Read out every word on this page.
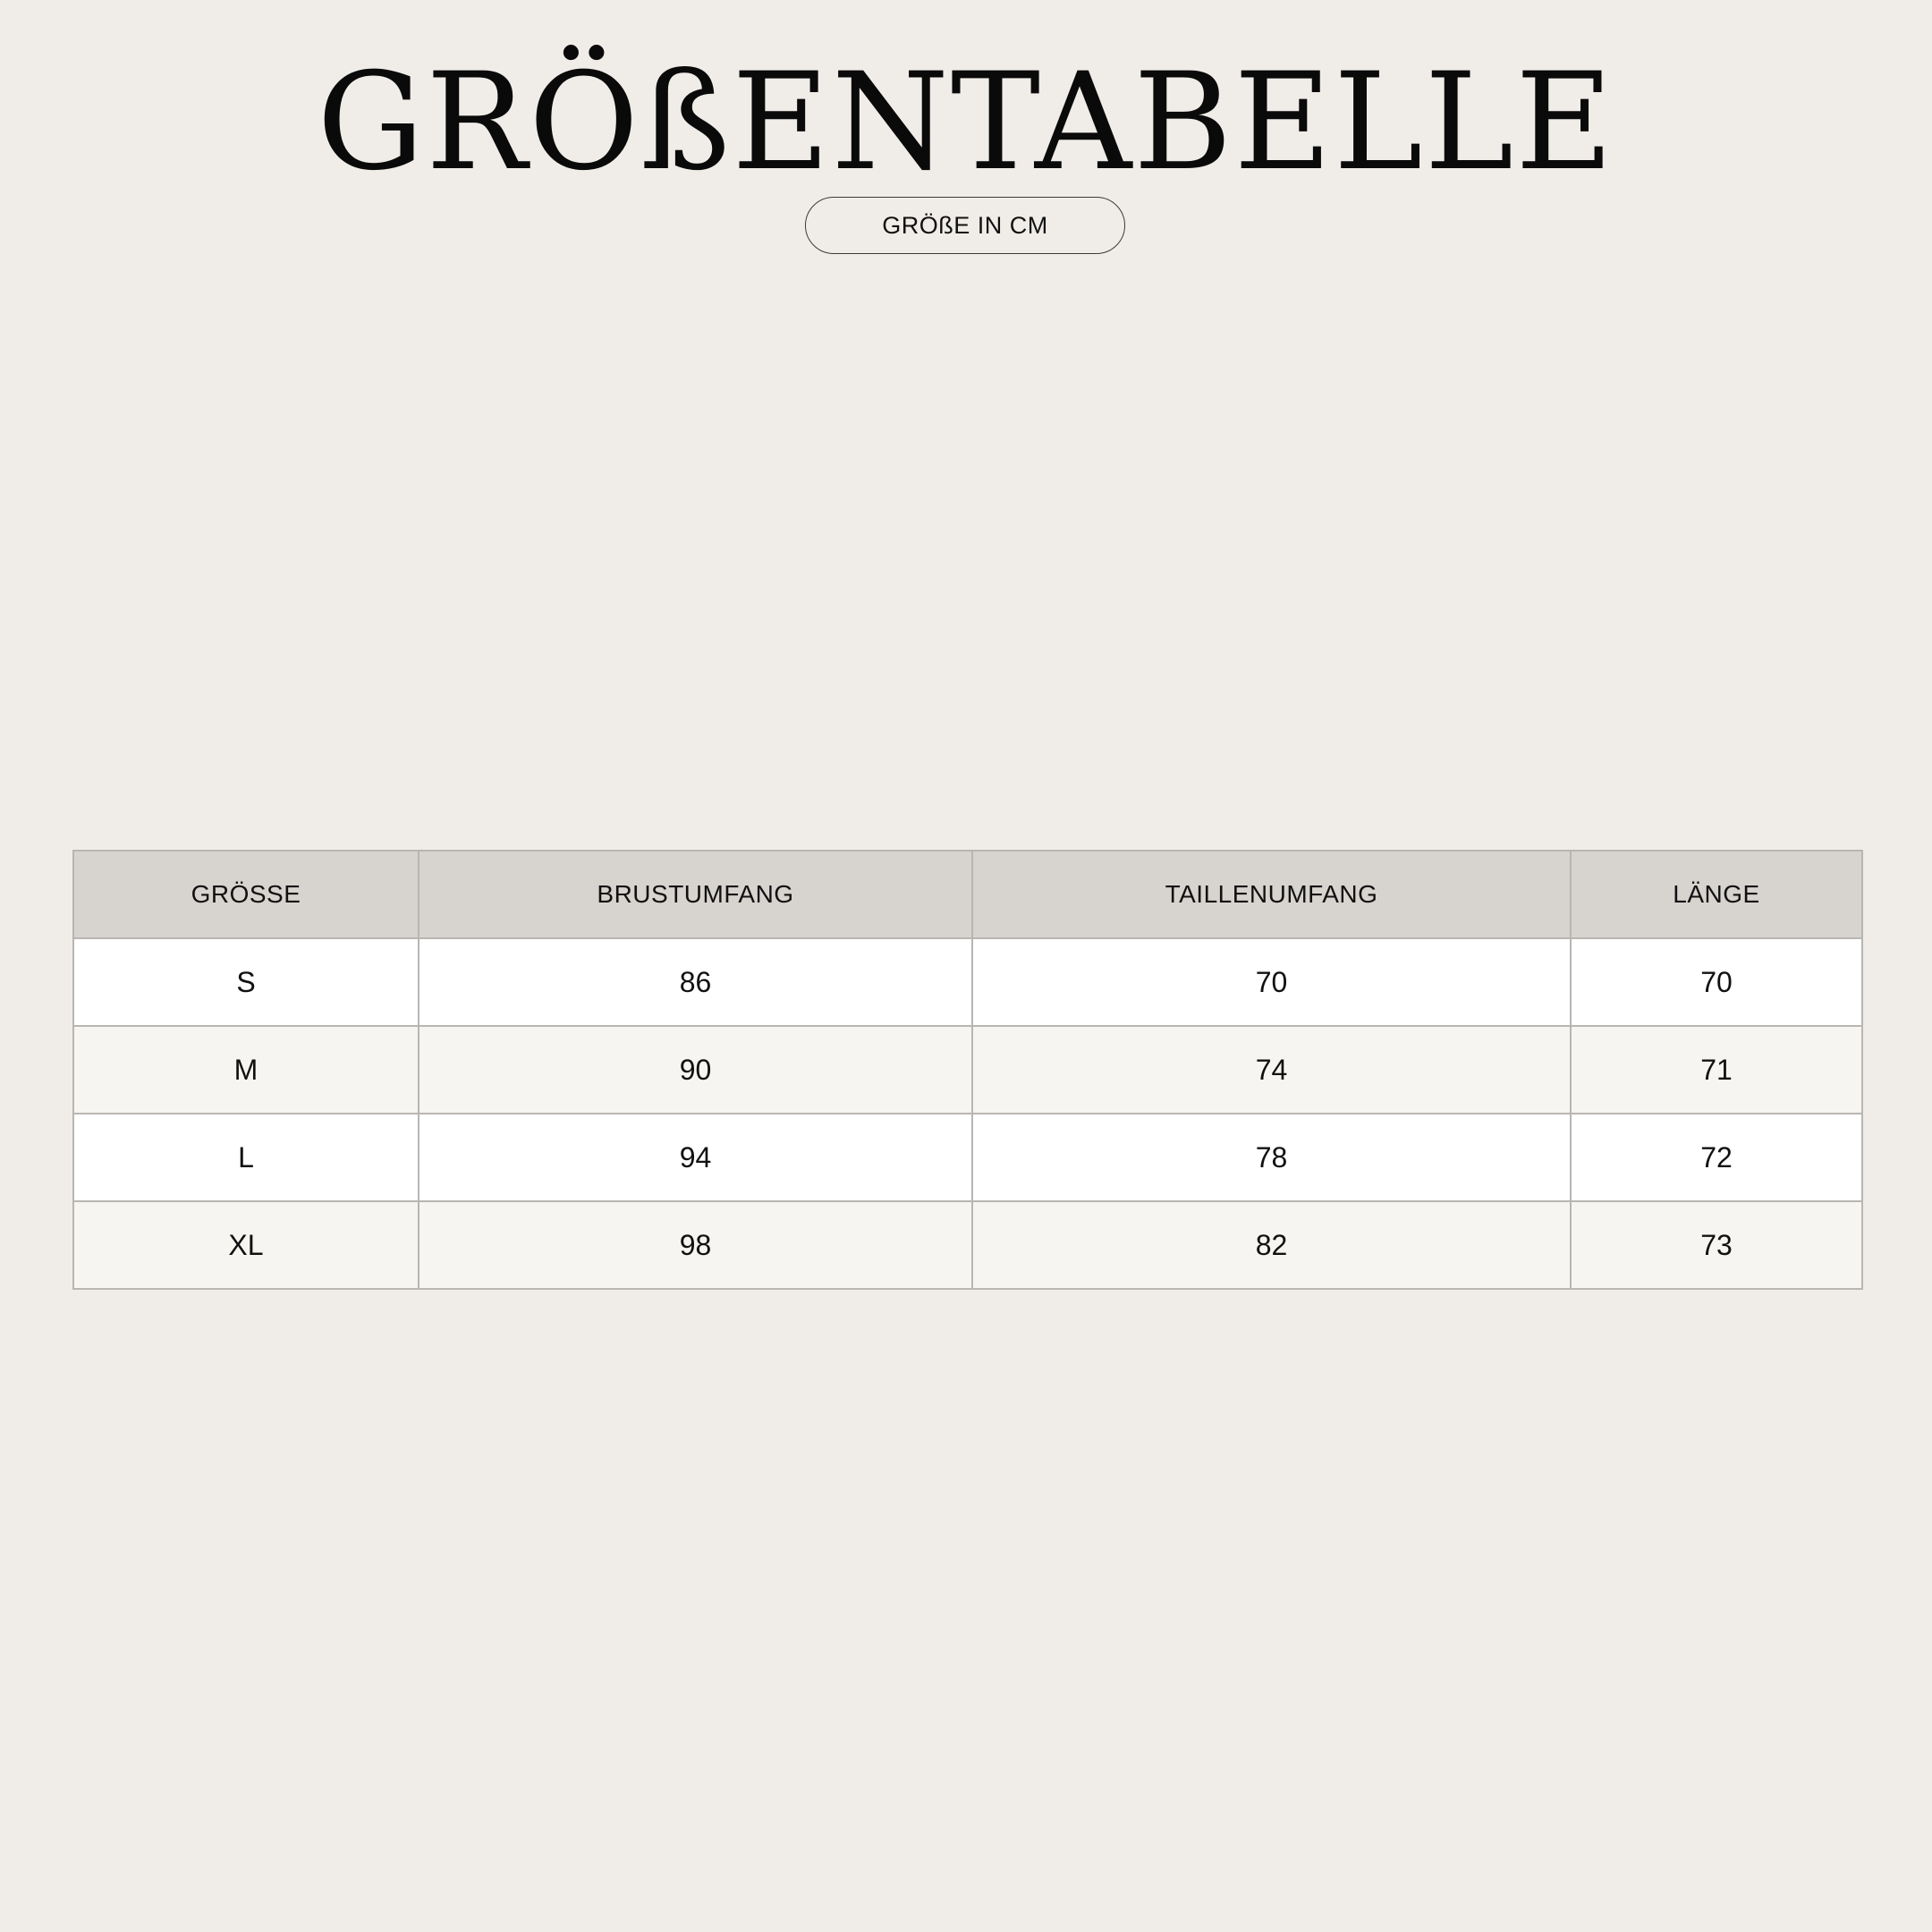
GRÖßENTABELLE
GRÖßE IN CM
GRÖSSE	BRUSTUMFANG	TAILLENUMFANG	LÄNGE
S	86	70	70
M	90	74	71
L	94	78	72
XL	98	82	73
